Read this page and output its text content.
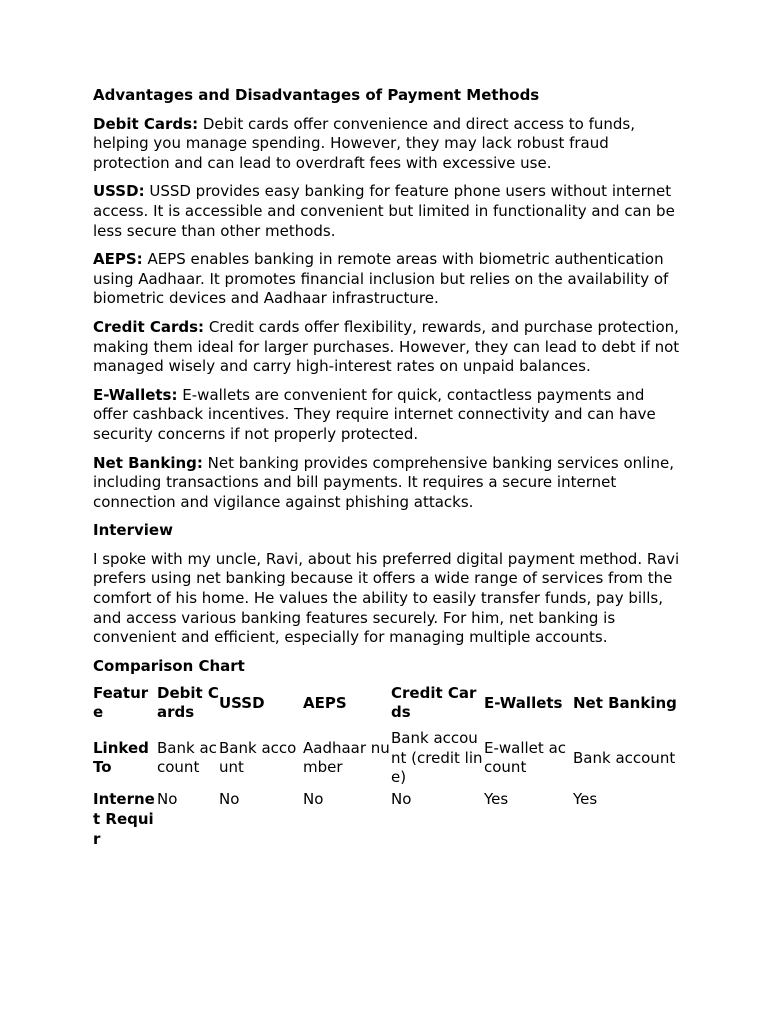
Advantages and Disadvantages of Payment Methods
Debit Cards: Debit cards offer convenience and direct access to funds, helping you manage spending. However, they may lack robust fraud protection and can lead to overdraft fees with excessive use.
USSD: USSD provides easy banking for feature phone users without internet access. It is accessible and convenient but limited in functionality and can be less secure than other methods.
AEPS: AEPS enables banking in remote areas with biometric authentication using Aadhaar. It promotes financial inclusion but relies on the availability of biometric devices and Aadhaar infrastructure.
Credit Cards: Credit cards offer flexibility, rewards, and purchase protection, making them ideal for larger purchases. However, they can lead to debt if not managed wisely and carry high-interest rates on unpaid balances.
E-Wallets: E-wallets are convenient for quick, contactless payments and offer cashback incentives. They require internet connectivity and can have security concerns if not properly protected.
Net Banking: Net banking provides comprehensive banking services online, including transactions and bill payments. It requires a secure internet connection and vigilance against phishing attacks.
Interview
I spoke with my uncle, Ravi, about his preferred digital payment method. Ravi prefers using net banking because it offers a wide range of services from the comfort of his home. He values the ability to easily transfer funds, pay bills, and access various banking features securely. For him, net banking is convenient and efficient, especially for managing multiple accounts.
Comparison Chart
Feature	Debit Cards	USSD	AEPS	Credit Cards	E-Wallets	Net Banking
Linked To	Bank account	Bank account	Aadhaar number	Bank account (credit line)	E-wallet account	Bank account
Internet Requir	No	No	No	No	Yes	Yes
